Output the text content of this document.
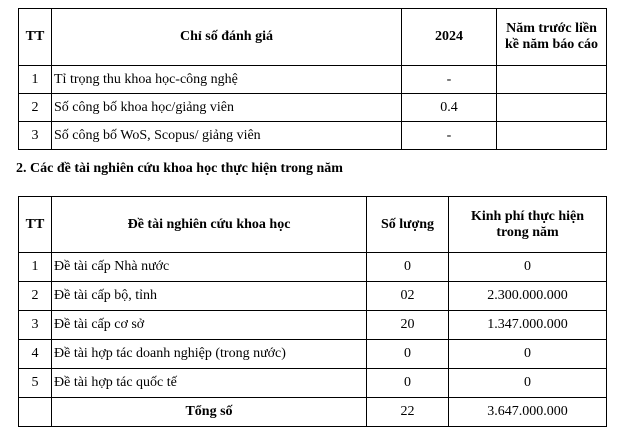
TT	Chỉ số đánh giá	2024	Năm trước liền
kề năm báo cáo

1	Tỉ trọng thu khoa học-công nghệ	-	
2	Số công bố khoa học/giảng viên	0.4	
3	Số công bố WoS, Scopus/ giảng viên	-	
2. Các đề tài nghiên cứu khoa học thực hiện trong năm
TT	Đề tài nghiên cứu khoa học	Số lượng	Kinh phí thực hiện
trong năm

1	Đề tài cấp Nhà nước	0	0
2	Đề tài cấp bộ, tỉnh	02	2.300.000.000
3	Đề tài cấp cơ sở	20	1.347.000.000
4	Đề tài hợp tác doanh nghiệp (trong nước)	0	0
5	Đề tài hợp tác quốc tế	0	0
	Tổng số	22	3.647.000.000
